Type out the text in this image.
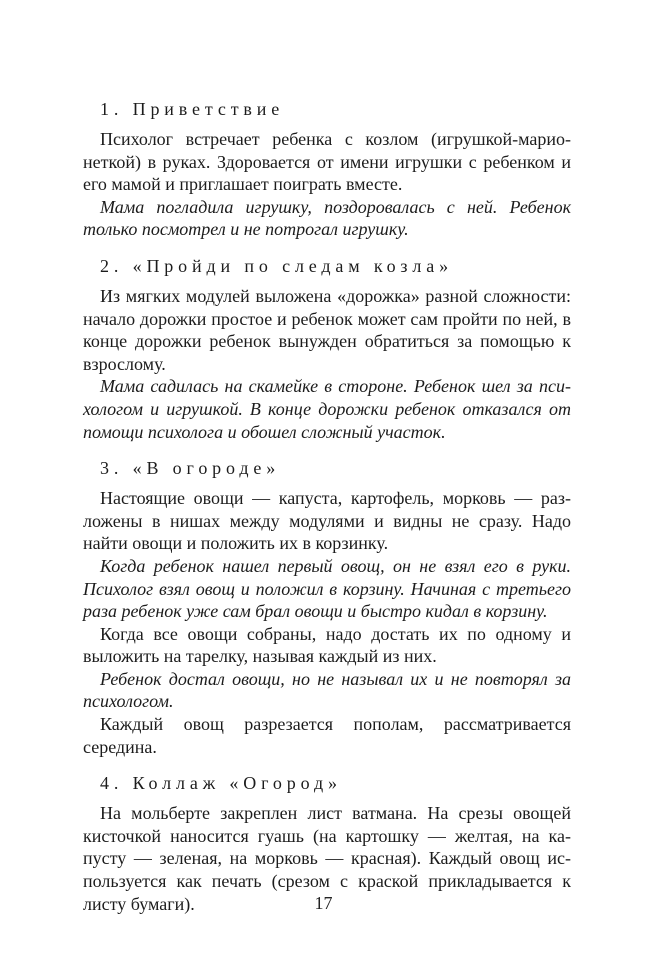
1. Приветствие

Психолог встречает ребенка с козлом (игрушкой-марионеткой) в руках. Здоровается от имени игрушки с ребенком и его мамой и приглашает поиграть вместе.

Мама погладила игрушку, поздоровалась с ней. Ребенок только посмотрел и не потрогал игрушку.

2. «Пройди по следам козла»

Из мягких модулей выложена «дорожка» разной сложности: начало дорожки простое и ребенок может сам пройти по ней, в конце дорожки ребенок вынужден обратиться за помощью к взрослому.

Мама садилась на скамейке в стороне. Ребенок шел за психологом и игрушкой. В конце дорожки ребенок отказался от помощи психолога и обошел сложный участок.

3. «В огороде»

Настоящие овощи — капуста, картофель, морковь — разложены в нишах между модулями и видны не сразу. Надо найти овощи и положить их в корзинку.

Когда ребенок нашел первый овощ, он не взял его в руки. Психолог взял овощ и положил в корзину. Начиная с третьего раза ребенок уже сам брал овощи и быстро кидал в корзину.

Когда все овощи собраны, надо достать их по одному и выложить на тарелку, называя каждый из них.

Ребенок достал овощи, но не называл их и не повторял за психологом.

Каждый овощ разрезается пополам, рассматривается середина.

4. Коллаж «Огород»

На мольберте закреплен лист ватмана. На срезы овощей кисточкой наносится гуашь (на картошку — желтая, на капусту — зеленая, на морковь — красная). Каждый овощ используется как печать (срезом с краской прикладывается к листу бумаги).	17
